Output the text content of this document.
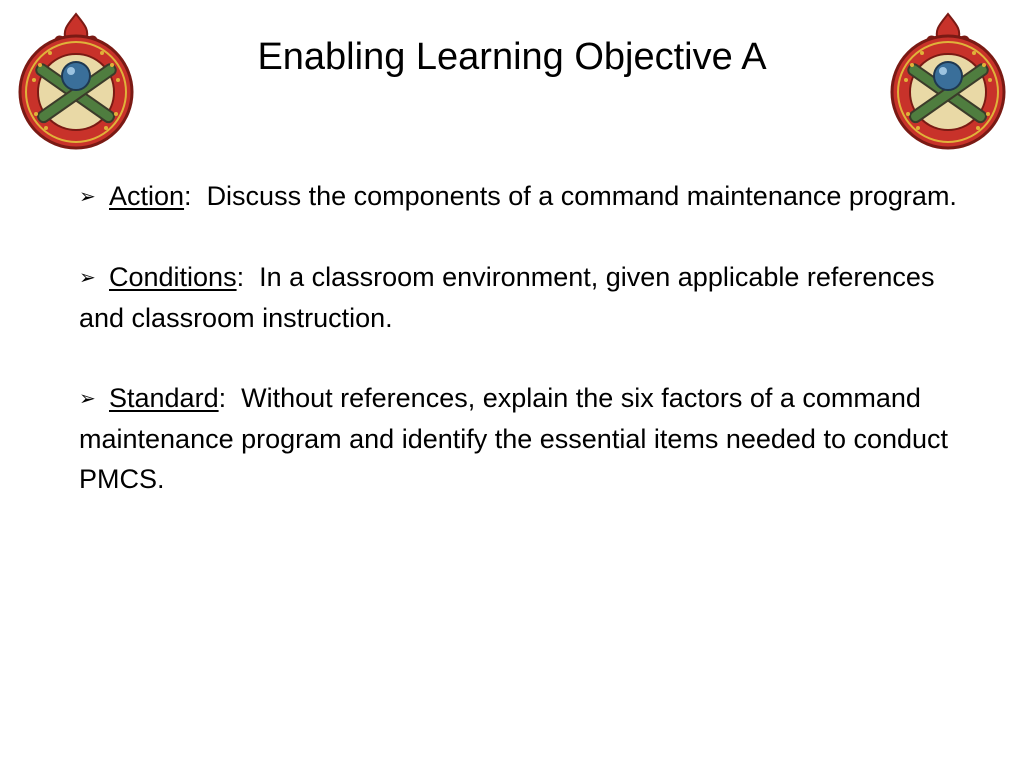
Enabling Learning Objective A

➢ Action:  Discuss the components of a command maintenance program.

➢ Conditions:  In a classroom environment, given applicable references and classroom instruction.

➢ Standard:  Without references, explain the six factors of a command maintenance program and identify the essential items needed to conduct PMCS.
